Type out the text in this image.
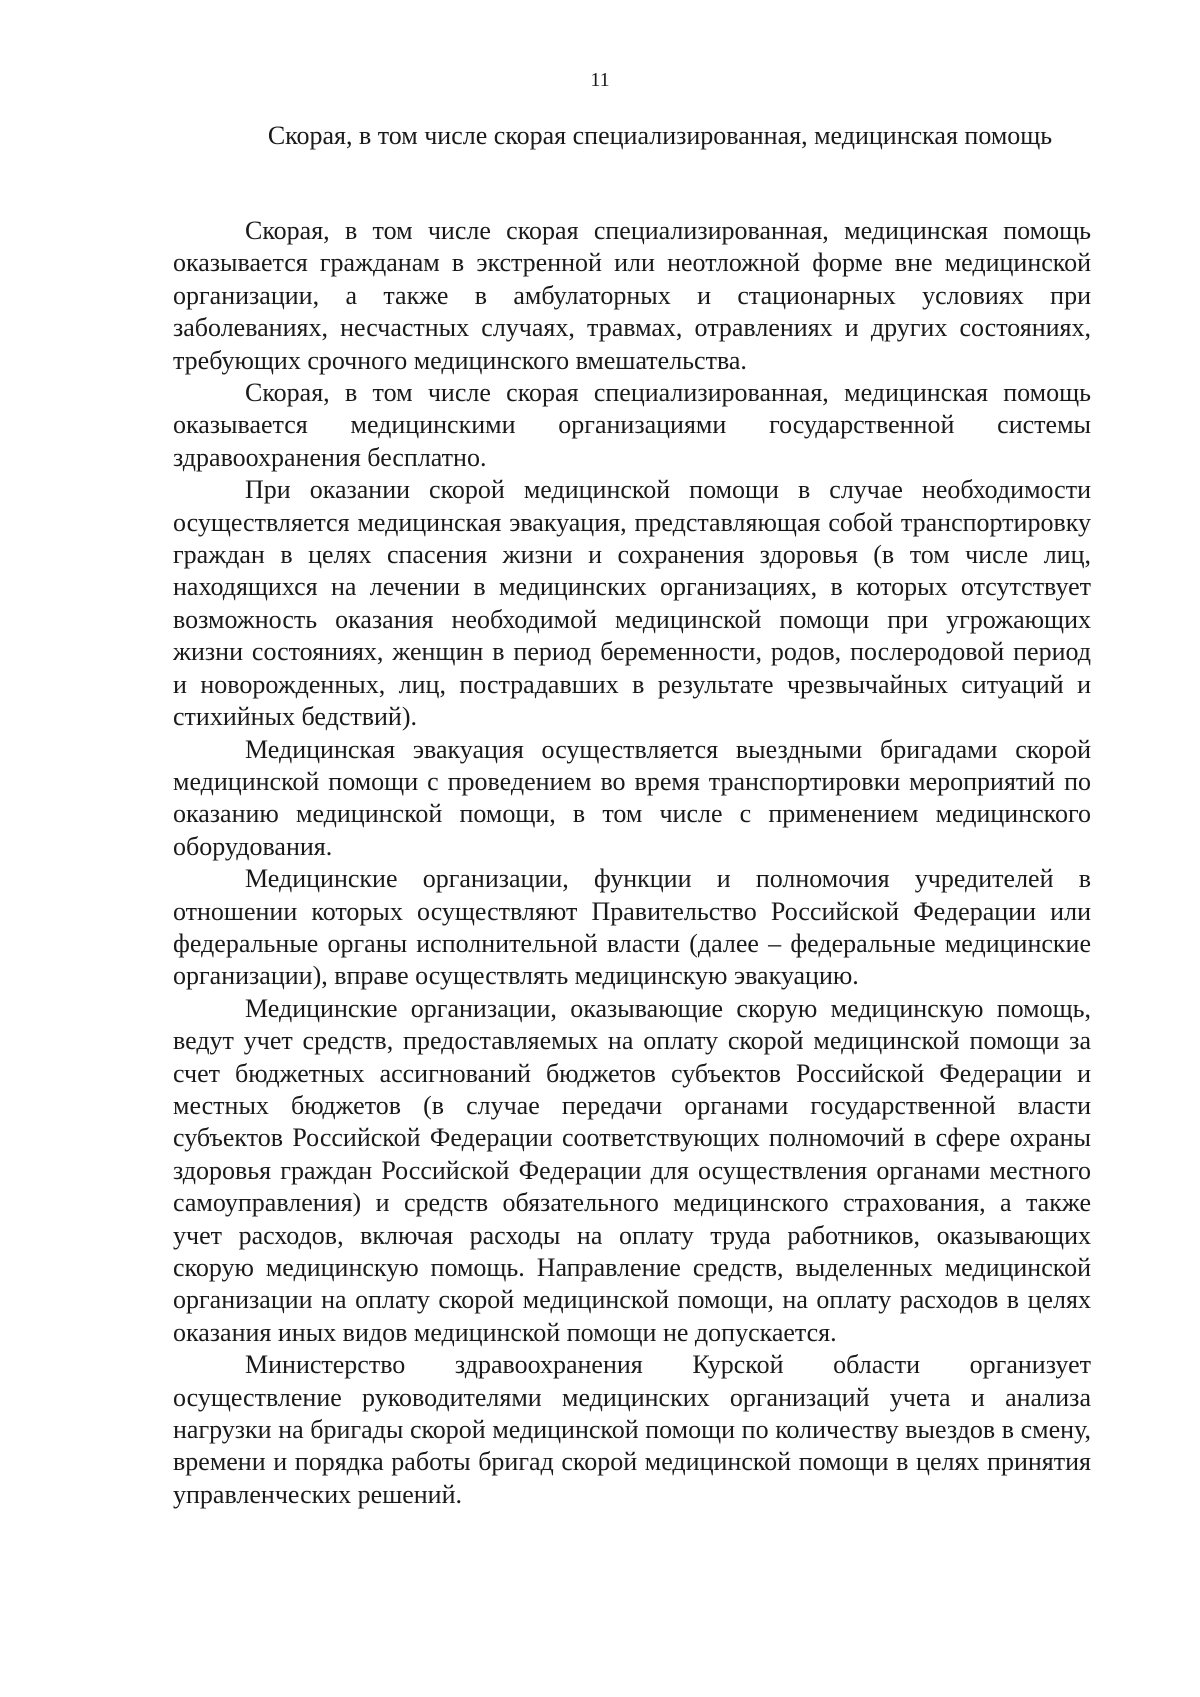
11
Скорая, в том числе скорая специализированная, медицинская помощь

Скорая, в том числе скорая специализированная, медицинская помощь оказывается гражданам в экстренной или неотложной форме вне медицинской организации, а также в амбулаторных и стационарных условиях при заболеваниях, несчастных случаях, травмах, отравлениях и других состояниях, требующих срочного медицинского вмешательства.

Скорая, в том числе скорая специализированная, медицинская помощь оказывается медицинскими организациями государственной системы здравоохранения бесплатно.

При оказании скорой медицинской помощи в случае необходимости осуществляется медицинская эвакуация, представляющая собой транспортировку граждан в целях спасения жизни и сохранения здоровья (в том числе лиц, находящихся на лечении в медицинских организациях, в которых отсутствует возможность оказания необходимой медицинской помощи при угрожающих жизни состояниях, женщин в период беременности, родов, послеродовой период и новорожденных, лиц, пострадавших в результате чрезвычайных ситуаций и стихийных бедствий).

Медицинская эвакуация осуществляется выездными бригадами скорой медицинской помощи с проведением во время транспортировки мероприятий по оказанию медицинской помощи, в том числе с применением медицинского оборудования.

Медицинские организации, функции и полномочия учредителей в отношении которых осуществляют Правительство Российской Федерации или федеральные органы исполнительной власти (далее – федеральные медицинские организации), вправе осуществлять медицинскую эвакуацию.

Медицинские организации, оказывающие скорую медицинскую помощь, ведут учет средств, предоставляемых на оплату скорой медицинской помощи за счет бюджетных ассигнований бюджетов субъектов Российской Федерации и местных бюджетов (в случае передачи органами государственной власти субъектов Российской Федерации соответствующих полномочий в сфере охраны здоровья граждан Российской Федерации для осуществления органами местного самоуправления) и средств обязательного медицинского страхования, а также учет расходов, включая расходы на оплату труда работников, оказывающих скорую медицинскую помощь. Направление средств, выделенных медицинской организации на оплату скорой медицинской помощи, на оплату расходов в целях оказания иных видов медицинской помощи не допускается.

Министерство здравоохранения Курской области организует осуществление руководителями медицинских организаций учета и анализа нагрузки на бригады скорой медицинской помощи по количеству выездов в смену, времени и порядка работы бригад скорой медицинской помощи в целях принятия управленческих решений.
